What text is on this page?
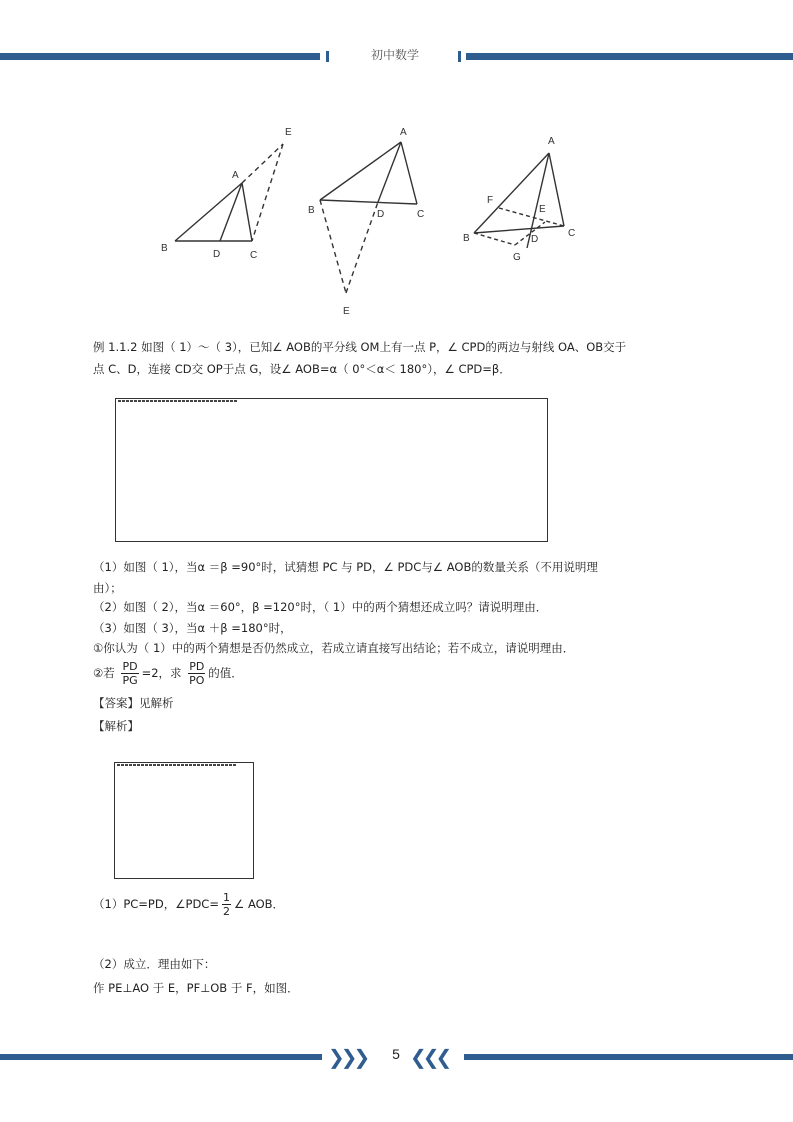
初中数学
E
A
B
D	C
A
B	D	C
E
A
F
E
B	D
C
G
例 1.1.2 如图（ 1）～（ 3），已知∠ AOB的平分线 OM上有一点 P，∠ CPD的两边与射线 OA、OB交于
点 C、D，连接 CD交 OP于点 G，设∠ AOB=α（ 0°＜α＜ 180°），∠ CPD=β．
（1）如图（ 1），当α ＝β =90°时，试猜想 PC 与 PD，∠ PDC与∠ AOB的数量关系（不用说明理
由）；
（2）如图（ 2），当α ＝60°，β =120°时，（ 1）中的两个猜想还成立吗？请说明理由．
（3）如图（ 3），当α ＋β =180°时，
①你认为（ 1）中的两个猜想是否仍然成立，若成立请直接写出结论；若不成立，请说明理由．
②若 $\frac{PD}{PG} =2$，求 $\frac{PD}{PO}$ 的值．
【答案】见解析
【解析】
（1）PC=PD，∠PDC= $\frac{1}{2}$ ∠ AOB．
（2）成立．理由如下：
作 PE⊥AO 于 E，PF⊥OB 于 F，如图．
❯❯❯	5 ❮❮❮
